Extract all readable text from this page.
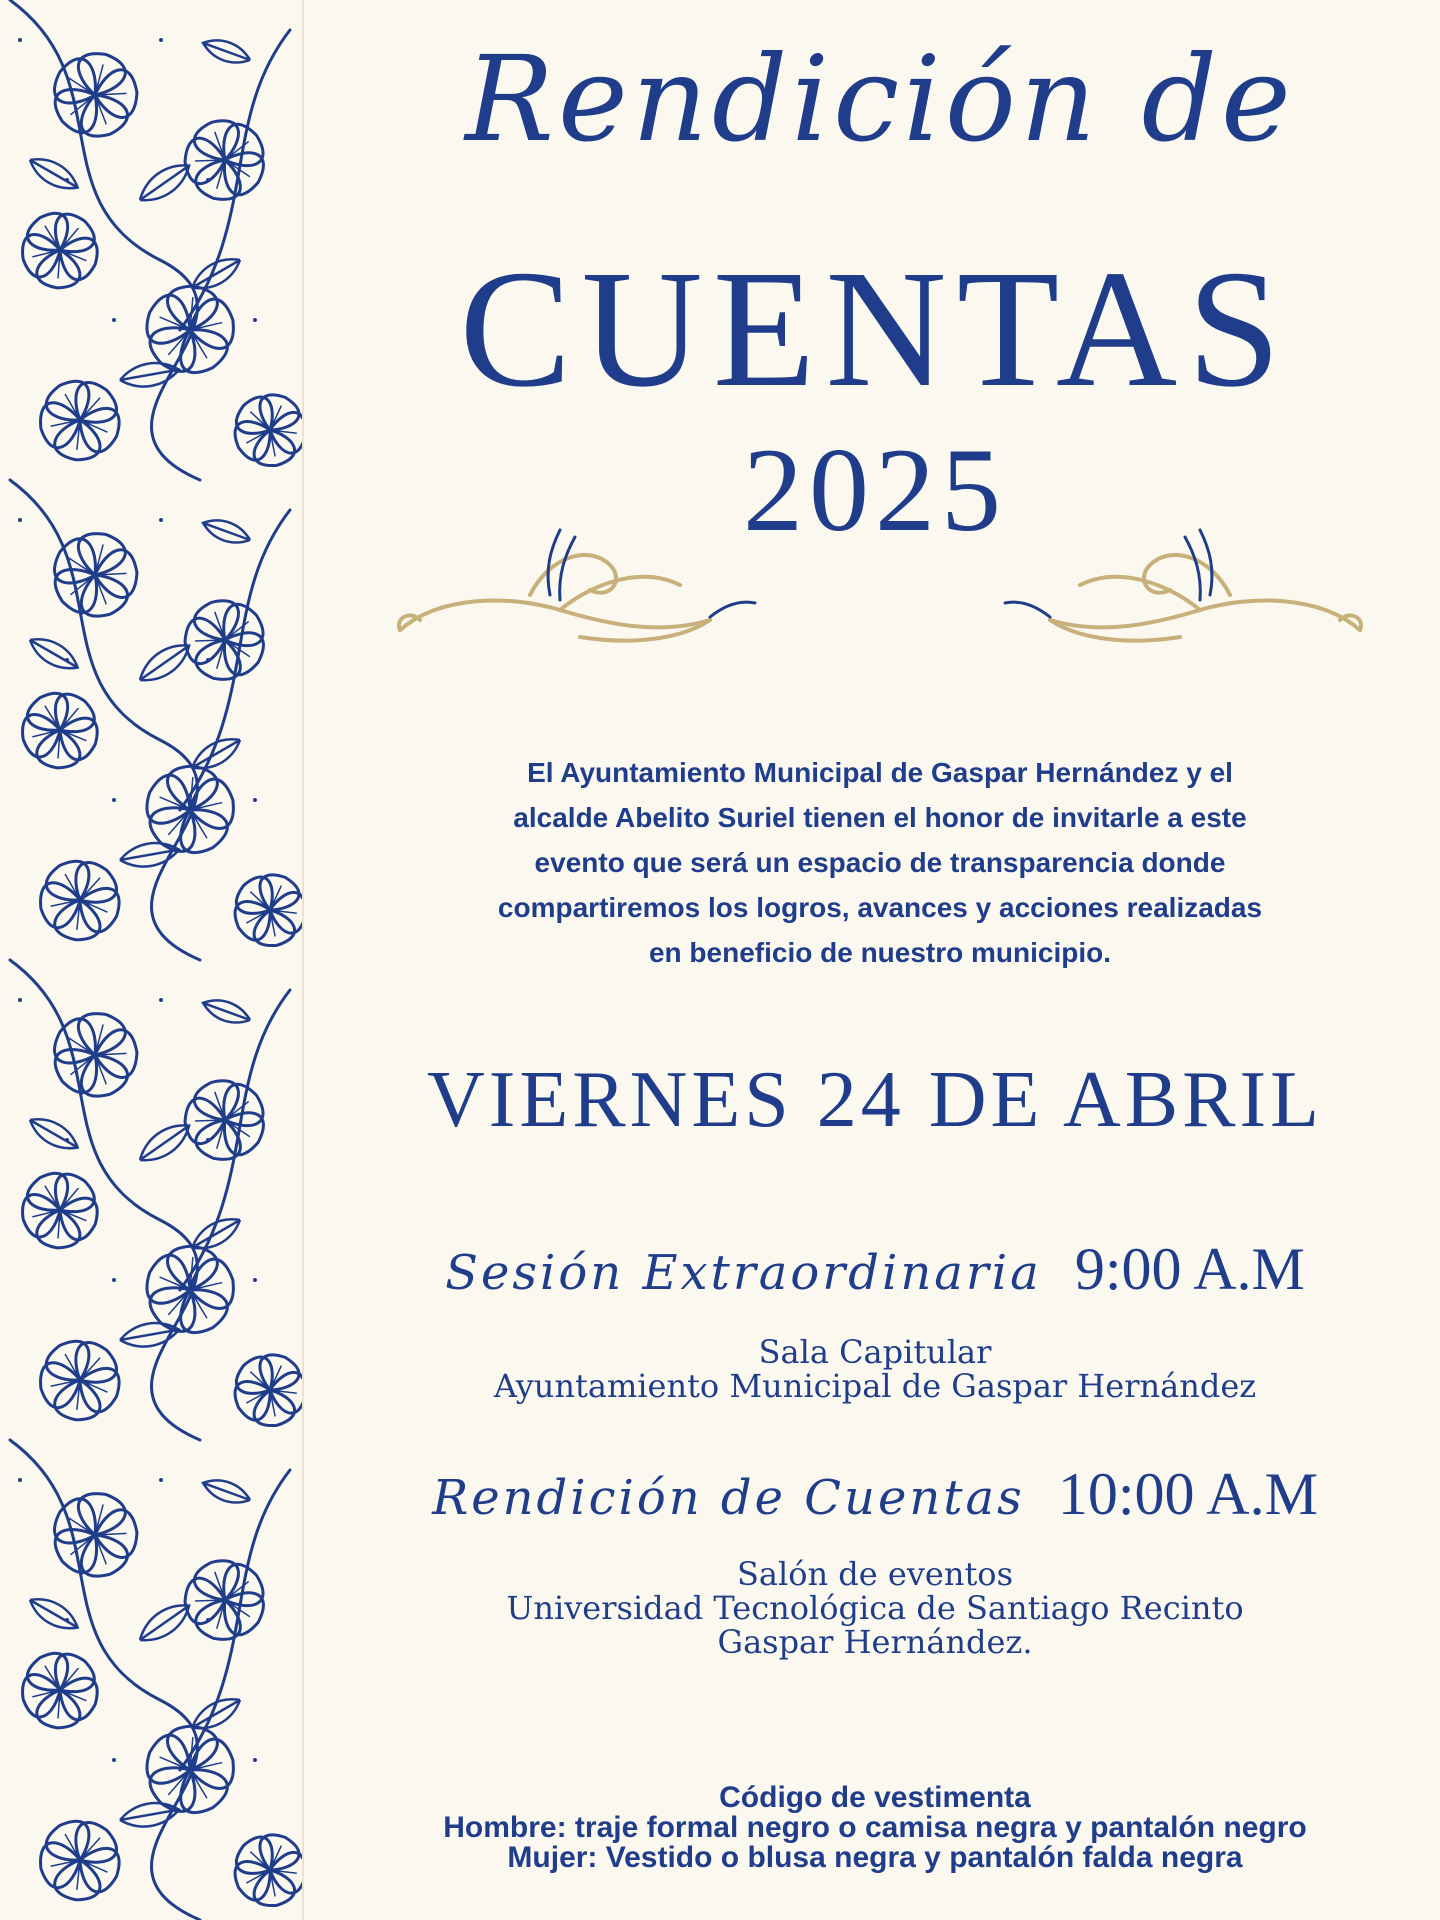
Rendición de
CUENTAS
2025
El Ayuntamiento Municipal de Gaspar Hernández y el
alcalde Abelito Suriel tienen el honor de invitarle a este
evento que será un espacio de transparencia donde
compartiremos los logros, avances y acciones realizadas
en beneficio de nuestro municipio.
VIERNES 24 DE ABRIL
Sesión Extraordinaria 9:00 A.M
Sala Capitular
Ayuntamiento Municipal de Gaspar Hernández
Rendición de Cuentas 10:00 A.M
Salón de eventos
Universidad Tecnológica de Santiago Recinto
Gaspar Hernández.
Código de vestimenta
Hombre: traje formal negro o camisa negra y pantalón negro
Mujer: Vestido o blusa negra y pantalón falda negra
